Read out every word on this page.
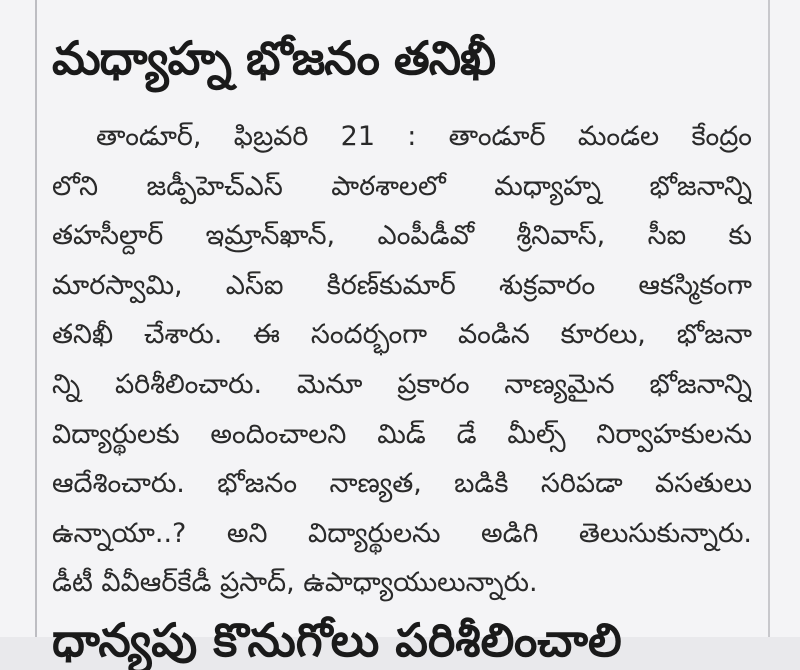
మధ్యాహ్న భోజనం తనిఖీ
తాండూర్, ఫిబ్రవరి 21 : తాండూర్ మండల కేంద్రం
లోని జడ్పీహెచ్ఎస్ పాఠశాలలో మధ్యాహ్న భోజనాన్ని
తహసీల్దార్ ఇమ్రాన్‌ఖాన్, ఎంపీడీవో శ్రీనివాస్, సీఐ కు
మారస్వామి, ఎస్ఐ కిరణ్‌కుమార్ శుక్రవారం ఆకస్మికంగా
తనిఖీ చేశారు. ఈ సందర్భంగా వండిన కూరలు, భోజనా
న్ని పరిశీలించారు. మెనూ ప్రకారం నాణ్యమైన భోజనాన్ని
విద్యార్థులకు అందించాలని మిడ్ డే మీల్స్ నిర్వాహకులను
ఆదేశించారు. భోజనం నాణ్యత, బడికి సరిపడా వసతులు
ఉన్నాయా..? అని విద్యార్థులను అడిగి తెలుసుకున్నారు.
డీటీ వీవీఆర్‌కేడీ ప్రసాద్, ఉపాధ్యాయులున్నారు.
ధాన్యపు కొనుగోలు పరిశీలించాలి
